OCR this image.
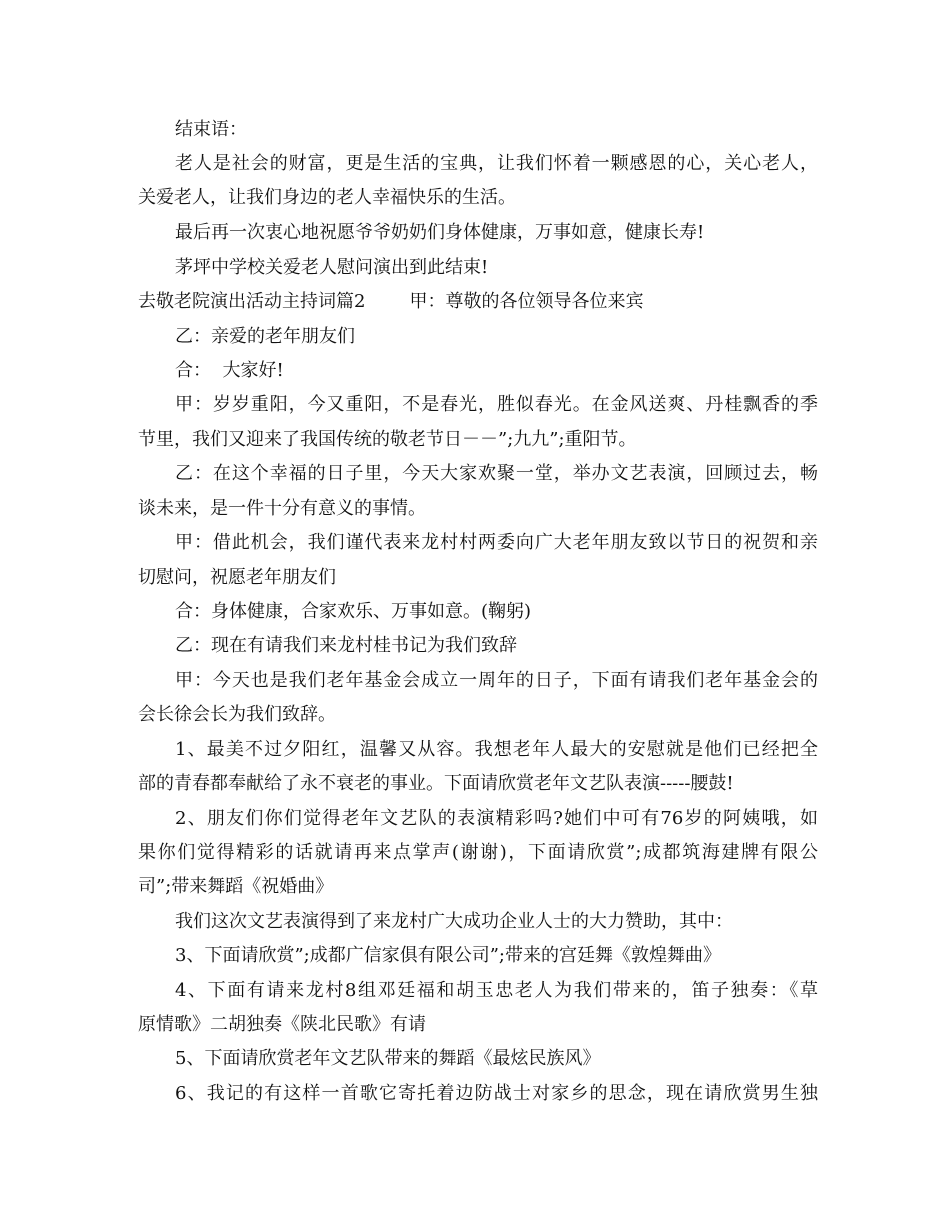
结束语：
老人是社会的财富，更是生活的宝典，让我们怀着一颗感恩的心，关心老人，
关爱老人，让我们身边的老人幸福快乐的生活。
最后再一次衷心地祝愿爷爷奶奶们身体健康，万事如意，健康长寿!
茅坪中学校关爱老人慰问演出到此结束!
去敬老院演出活动主持词篇2 甲：尊敬的各位领导各位来宾
乙：亲爱的老年朋友们
合：  大家好!
甲：岁岁重阳，今又重阳，不是春光，胜似春光。在金风送爽、丹桂飘香的季
节里，我们又迎来了我国传统的敬老节日－－”;九九”;重阳节。
乙：在这个幸福的日子里，今天大家欢聚一堂，举办文艺表演，回顾过去，畅
谈未来，是一件十分有意义的事情。
甲：借此机会，我们谨代表来龙村村两委向广大老年朋友致以节日的祝贺和亲
切慰问，祝愿老年朋友们
合：身体健康，合家欢乐、万事如意。(鞠躬)
乙：现在有请我们来龙村桂书记为我们致辞
甲：今天也是我们老年基金会成立一周年的日子，下面有请我们老年基金会的
会长徐会长为我们致辞。
1、最美不过夕阳红，温馨又从容。我想老年人最大的安慰就是他们已经把全
部的青春都奉献给了永不衰老的事业。下面请欣赏老年文艺队表演-----腰鼓!
2、朋友们你们觉得老年文艺队的表演精彩吗?她们中可有76岁的阿姨哦，如
果你们觉得精彩的话就请再来点掌声(谢谢)，下面请欣赏”;成都筑海建牌有限公
司”;带来舞蹈《祝婚曲》
我们这次文艺表演得到了来龙村广大成功企业人士的大力赞助，其中：
3、下面请欣赏”;成都广信家俱有限公司”;带来的宫廷舞《敦煌舞曲》
4、下面有请来龙村8组邓廷福和胡玉忠老人为我们带来的，笛子独奏：《草
原情歌》二胡独奏《陕北民歌》有请
5、下面请欣赏老年文艺队带来的舞蹈《最炫民族风》
6、我记的有这样一首歌它寄托着边防战士对家乡的思念，现在请欣赏男生独
